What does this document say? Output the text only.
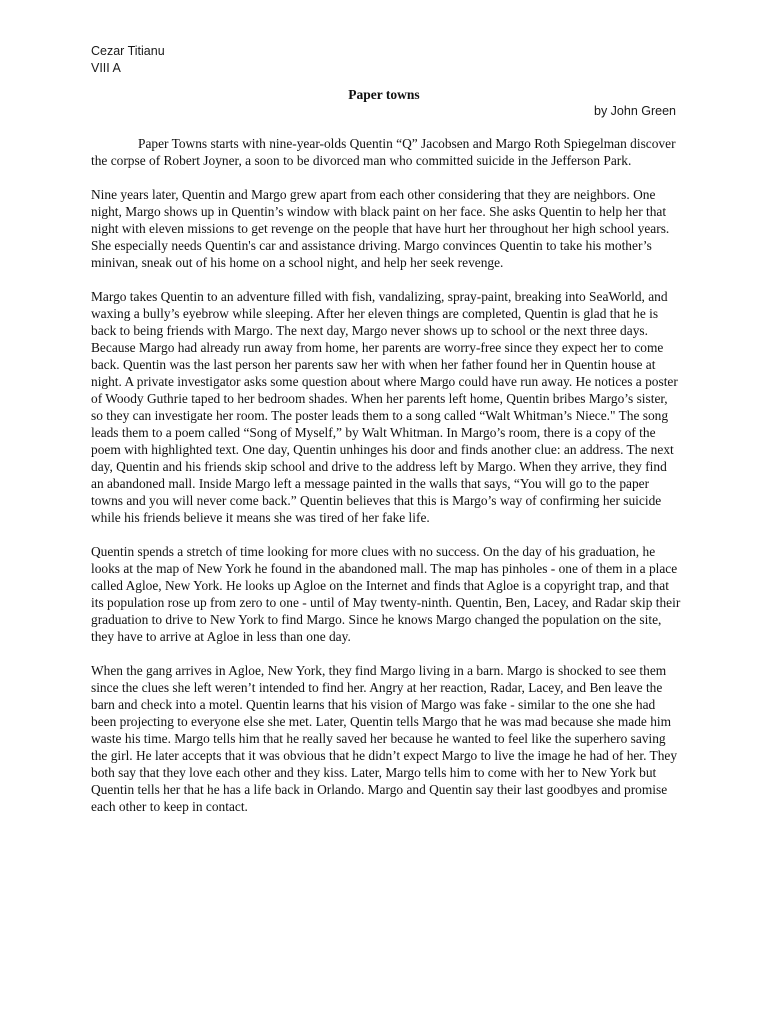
Cezar Titianu
VIII A
Paper towns
by John Green

Paper Towns starts with nine-year-olds Quentin “Q” Jacobsen and Margo Roth Spiegelman discover the corpse of Robert Joyner, a soon to be divorced man who committed suicide in the Jefferson Park.

Nine years later, Quentin and Margo grew apart from each other considering that they are neighbors. One night, Margo shows up in Quentin’s window with black paint on her face. She asks Quentin to help her that night with eleven missions to get revenge on the people that have hurt her throughout her high school years. She especially needs Quentin's car and assistance driving. Margo convinces Quentin to take his mother’s minivan, sneak out of his home on a school night, and help her seek revenge.

Margo takes Quentin to an adventure filled with fish, vandalizing, spray-paint, breaking into SeaWorld, and waxing a bully’s eyebrow while sleeping. After her eleven things are completed, Quentin is glad that he is back to being friends with Margo. The next day, Margo never shows up to school or the next three days. Because Margo had already run away from home, her parents are worry-free since they expect her to come back. Quentin was the last person her parents saw her with when her father found her in Quentin house at night. A private investigator asks some question about where Margo could have run away. He notices a poster of Woody Guthrie taped to her bedroom shades. When her parents left home, Quentin bribes Margo’s sister, so they can investigate her room. The poster leads them to a song called “Walt Whitman’s Niece." The song leads them to a poem called “Song of Myself,” by Walt Whitman. In Margo’s room, there is a copy of the poem with highlighted text. One day, Quentin unhinges his door and finds another clue: an address. The next day, Quentin and his friends skip school and drive to the address left by Margo. When they arrive, they find an abandoned mall. Inside Margo left a message painted in the walls that says, “You will go to the paper towns and you will never come back.” Quentin believes that this is Margo’s way of confirming her suicide while his friends believe it means she was tired of her fake life.

Quentin spends a stretch of time looking for more clues with no success. On the day of his graduation, he looks at the map of New York he found in the abandoned mall. The map has pinholes - one of them in a place called Agloe, New York. He looks up Agloe on the Internet and finds that Agloe is a copyright trap, and that its population rose up from zero to one - until of May twenty-ninth. Quentin, Ben, Lacey, and Radar skip their graduation to drive to New York to find Margo. Since he knows Margo changed the population on the site, they have to arrive at Agloe in less than one day.

When the gang arrives in Agloe, New York, they find Margo living in a barn. Margo is shocked to see them since the clues she left weren’t intended to find her. Angry at her reaction, Radar, Lacey, and Ben leave the barn and check into a motel. Quentin learns that his vision of Margo was fake - similar to the one she had been projecting to everyone else she met. Later, Quentin tells Margo that he was mad because she made him waste his time. Margo tells him that he really saved her because he wanted to feel like the superhero saving the girl. He later accepts that it was obvious that he didn’t expect Margo to live the image he had of her. They both say that they love each other and they kiss. Later, Margo tells him to come with her to New York but Quentin tells her that he has a life back in Orlando. Margo and Quentin say their last goodbyes and promise each other to keep in contact.
